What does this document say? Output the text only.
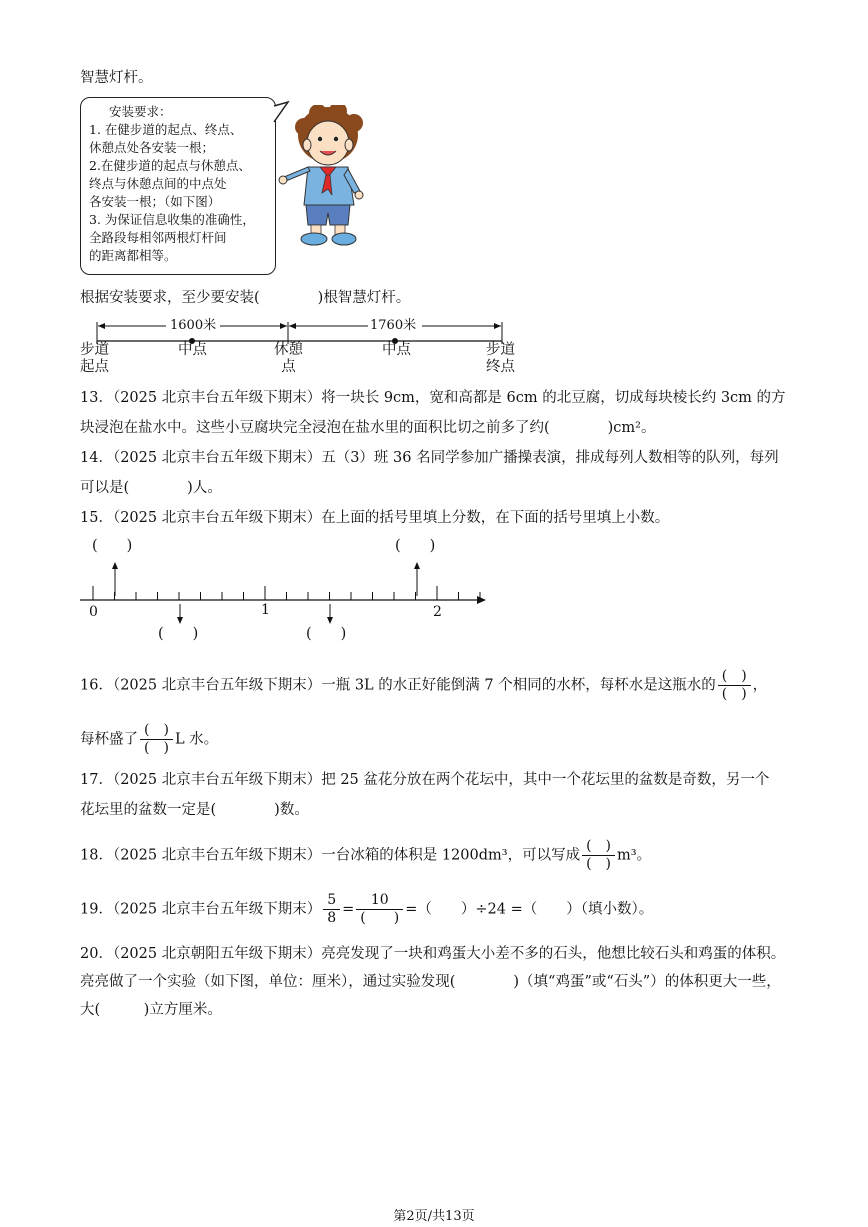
智慧灯杆。
安装要求：
1. 在健步道的起点、终点、
休憩点处各安装一根；
2.在健步道的起点与休憩点、
终点与休憩点间的中点处
各安装一根；（如下图）
3. 为保证信息收集的准确性，
全路段每相邻两根灯杆间
的距离都相等。
根据安装要求，至少要安装(　　　　)根智慧灯杆。
1600米	1760米
步道
起点
中点	休憩
点
中点	步道
终点
13．（2025 北京丰台五年级下期末）将一块长 9cm，宽和高都是 6cm 的北豆腐，切成每块棱长约 3cm 的方
块浸泡在盐水中。这些小豆腐块完全浸泡在盐水里的面积比切之前多了约(　　　　)cm²。
14．（2025 北京丰台五年级下期末）五（3）班 36 名同学参加广播操表演，排成每列人数相等的队列，每列
可以是(　　　　)人。
15．（2025 北京丰台五年级下期末）在上面的括号里填上分数，在下面的括号里填上小数。
(　　)	(　　)
(　　)	(　　)
0	1	2
16．（2025 北京丰台五年级下期末）一瓶 3L 的水正好能倒满 7 个相同的水杯，每杯水是这瓶水的 $\frac{( )}{( )}$ ，
每杯盛了 $\frac{( )}{( )}$ L 水。
17．（2025 北京丰台五年级下期末）把 25 盆花分放在两个花坛中，其中一个花坛里的盆数是奇数，另一个
花坛里的盆数一定是(　　　　)数。
18．（2025 北京丰台五年级下期末）一台冰箱的体积是 1200dm³，可以写成 $\frac{( )}{( )} m^3$。
19．（2025 北京丰台五年级下期末） $\frac{5}{8} = \frac{10}{( )}$ =（　　）÷24 =（　　）（填小数）。
20．（2025 北京朝阳五年级下期末）亮亮发现了一块和鸡蛋大小差不多的石头，他想比较石头和鸡蛋的体积。
亮亮做了一个实验（如下图，单位：厘米），通过实验发现(　　　　)（填“鸡蛋”或“石头”）的体积更大一些，
大(　　　)立方厘米。
第2页/共13页
